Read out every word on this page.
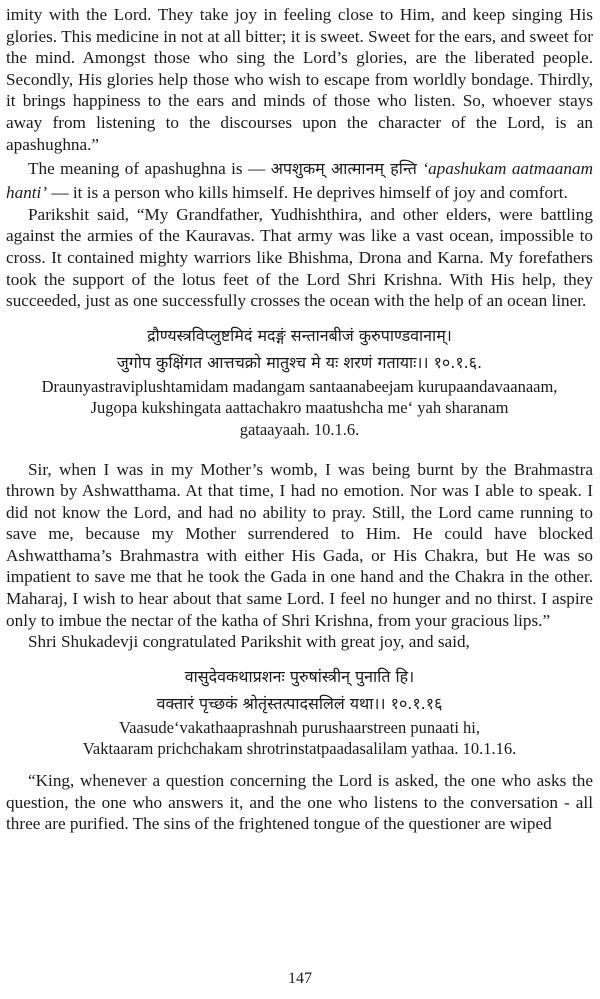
imity with the Lord. They take joy in feeling close to Him, and keep singing His glories. This medicine in not at all bitter; it is sweet. Sweet for the ears, and sweet for the mind. Amongst those who sing the Lord’s glories, are the liberated people. Secondly, His glories help those who wish to escape from worldly bondage. Thirdly, it brings happiness to the ears and minds of those who listen. So, whoever stays away from listening to the discourses upon the character of the Lord, is an apashughna.”

The meaning of apashughna is — अपशुकम् आत्मानम् हन्ति ‘apashukam aatmaanam hanti’ — it is a person who kills himself. He deprives himself of joy and comfort.

Parikshit said, “My Grandfather, Yudhishthira, and other elders, were battling against the armies of the Kauravas. That army was like a vast ocean, impossible to cross. It contained mighty warriors like Bhishma, Drona and Karna. My forefathers took the support of the lotus feet of the Lord Shri Krishna. With His help, they succeeded, just as one successfully crosses the ocean with the help of an ocean liner.

द्रौण्यस्त्रविप्लुष्टमिदं मदङ्गं सन्तानबीजं कुरुपाण्डवानाम्।
जुगोप कुक्षिंगत आत्तचक्रो मातुश्च मे यः शरणं गतायाः।। १०.१.६.
Draunyastraviplushtamidam madangam santaanabeejam kurupaandavaanaam,
Jugopa kukshingata aattachakro maatushcha me‘ yah sharanam
gataayaah. 10.1.6.

Sir, when I was in my Mother’s womb, I was being burnt by the Brahmastra thrown by Ashwatthama. At that time, I had no emotion. Nor was I able to speak. I did not know the Lord, and had no ability to pray. Still, the Lord came running to save me, because my Mother surrendered to Him. He could have blocked Ashwatthama’s Brahmastra with either His Gada, or His Chakra, but He was so impatient to save me that he took the Gada in one hand and the Chakra in the other. Maharaj, I wish to hear about that same Lord. I feel no hunger and no thirst. I aspire only to imbue the nectar of the katha of Shri Krishna, from your gracious lips.”

Shri Shukadevji congratulated Parikshit with great joy, and said,

वासुदेवकथाप्रशनः पुरुषांस्त्रीन् पुनाति हि।
वक्तारं पृच्छकं श्रोतृंस्तत्पादसलिलं यथा।। १०.१.१६
Vaasude‘vakathaaprashnah purushaarstreen punaati hi,
Vaktaaram prichchakam shrotrinstatpaadasalilam yathaa. 10.1.16.

“King, whenever a question concerning the Lord is asked, the one who asks the question, the one who answers it, and the one who listens to the conversation - all three are purified. The sins of the frightened tongue of the questioner are wiped

147
